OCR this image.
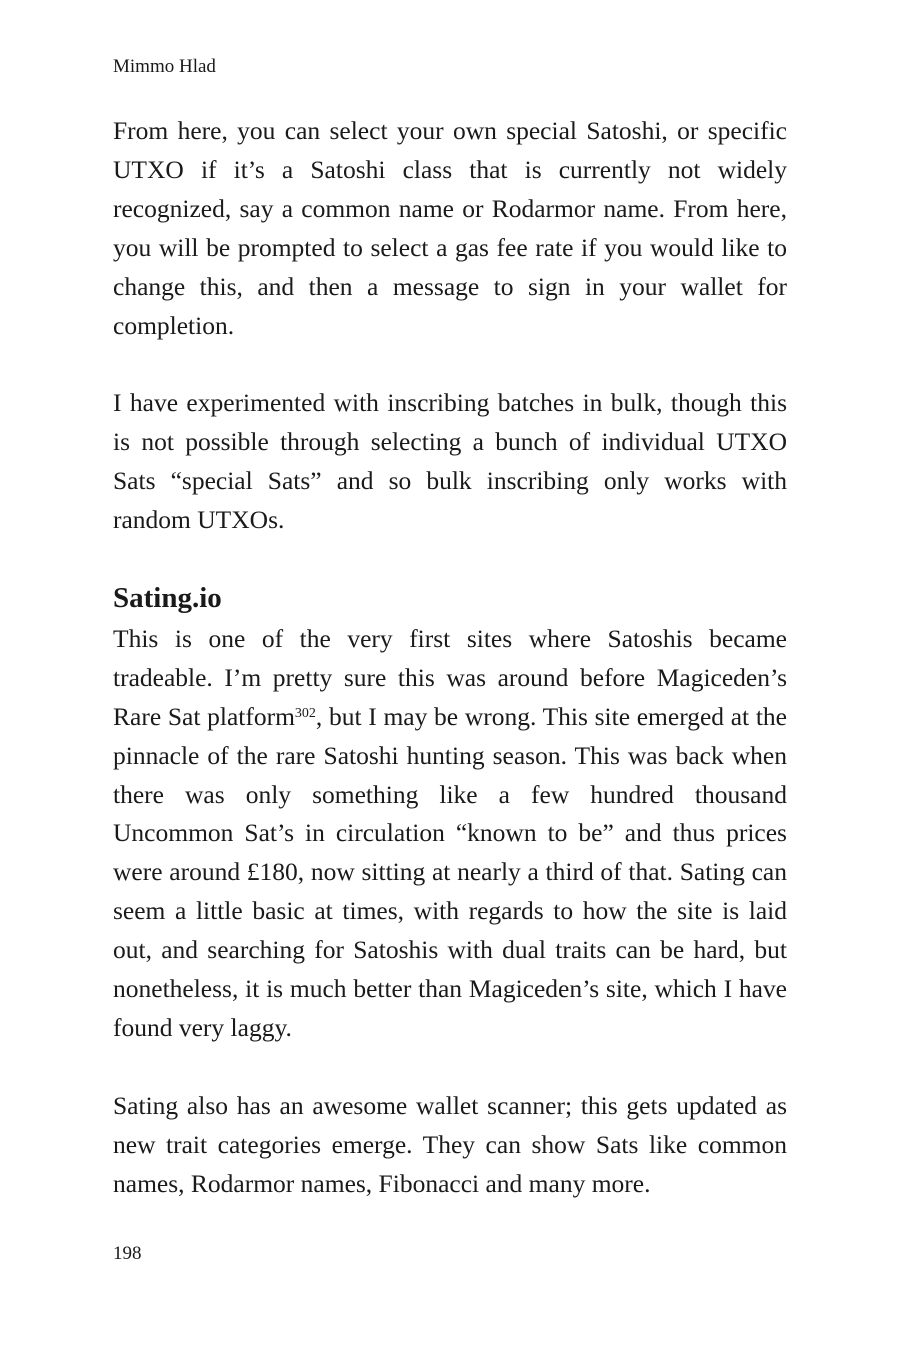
Mimmo Hlad

From here, you can select your own special Satoshi, or specific UTXO if it’s a Satoshi class that is currently not widely recognized, say a common name or Rodarmor name. From here, you will be prompted to select a gas fee rate if you would like to change this, and then a message to sign in your wallet for completion.

I have experimented with inscribing batches in bulk, though this is not possible through selecting a bunch of individual UTXO Sats “special Sats” and so bulk inscribing only works with random UTXOs.

Sating.io

This is one of the very first sites where Satoshis became tradeable. I’m pretty sure this was around before Magiceden’s Rare Sat platform$^{302}$, but I may be wrong. This site emerged at the pinnacle of the rare Satoshi hunting season. This was back when there was only something like a few hundred thousand Uncommon Sat’s in circulation “known to be” and thus prices were around £180, now sitting at nearly a third of that. Sating can seem a little basic at times, with regards to how the site is laid out, and searching for Satoshis with dual traits can be hard, but nonetheless, it is much better than Magiceden’s site, which I have found very laggy.

Sating also has an awesome wallet scanner; this gets updated as new trait categories emerge. They can show Sats like common names, Rodarmor names, Fibonacci and many more.

198
